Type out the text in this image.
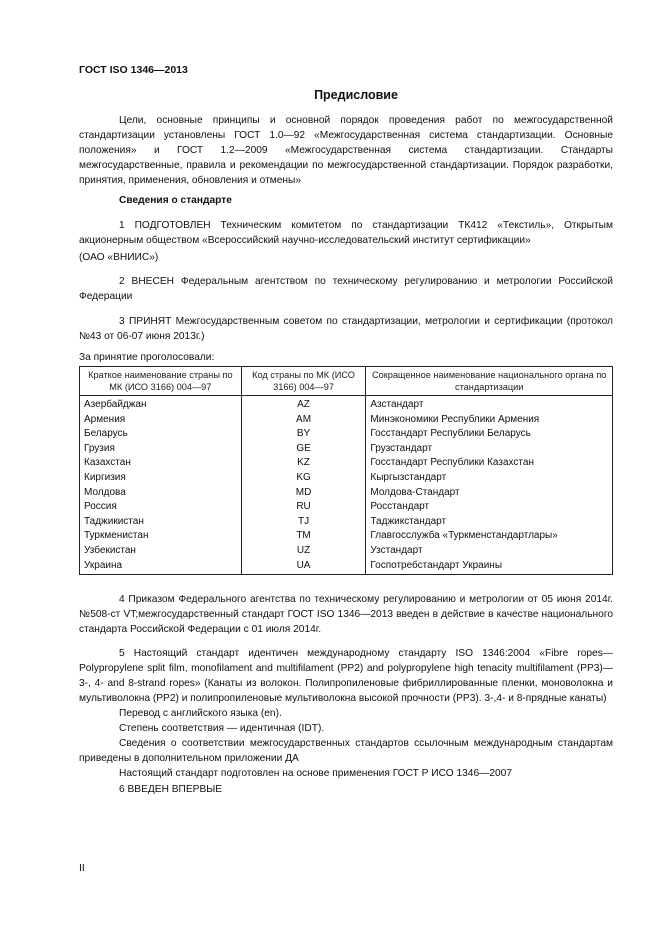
ГОСТ ISO 1346—2013
Предисловие
Цели, основные принципы и основной порядок проведения работ по межгосударственной стандартизации установлены ГОСТ 1.0—92 «Межгосударственная система стандартизации. Основные положения» и ГОСТ 1.2—2009 «Межгосударственная система стандартизации. Стандарты межгосударственные, правила и рекомендации по межгосударственной стандартизации. Порядок разработки, принятия, применения, обновления и отмены»
Сведения о стандарте

1 ПОДГОТОВЛЕН Техническим комитетом по стандартизации ТК412 «Текстиль», Открытым акционерным обществом «Всероссийский научно-исследовательский институт сертификации»

(ОАО «ВНИИС»)

2 ВНЕСЕН Федеральным агентством по техническому регулированию и метрологии Российской Федерации
3 ПРИНЯТ Межгосударственным советом по стандартизации, метрологии и сертификации (протокол №43 от 06-07 июня 2013г.)
За принятие проголосовали:
Краткое наименование страны по МК (ИСО 3166) 004—97	Код страны по МК (ИСО 3166) 004—97	Сокращенное наименование национального органа по стандартизации
Азербайджан	AZ	Азстандарт
Армения	AM	Минэкономики Республики Армения
Беларусь	BY	Госстандарт Республики Беларусь
Грузия	GE	Грузстандарт
Казахстан	KZ	Госстандарт Республики Казахстан
Киргизия	KG	Кыргызстандарт
Молдова	MD	Молдова-Стандарт
Россия	RU	Росстандарт
Таджикистан	TJ	Таджикстандарт
Туркменистан	TM	Главгосслужба «Туркменстандартлары»
Узбекистан	UZ	Узстандарт
Украина	UA	Госпотребстандарт Украины
4 Приказом Федерального агентства по техническому регулированию и метрологии от 05 июня 2014г. №508-ст VT;межгосударственный стандарт ГОСТ ISO 1346—2013 введен в действие в качестве национального стандарта Российской Федерации с 01 июля 2014г.

5 Настоящий стандарт идентичен международному стандарту ISO 1346:2004 «Fibre ropes— Polypropylene split film, monofilament and multifilament (PP2) and polypropylene high tenacity multifilament (PP3)—3-, 4- and 8-strand ropes» (Канаты из волокон. Полипропиленовые фибриллированные пленки, моноволокна и мультиволокна (PP2) и полипропиленовые мультиволокна высокой прочности (PP3). 3-,4- и 8-прядные канаты)

Перевод с английского языка (en).

Степень соответствия — идентичная (IDT).

Сведения о соответствии межгосударственных стандартов ссылочным международным стандартам приведены в дополнительном приложении ДА

Настоящий стандарт подготовлен на основе применения ГОСТ Р ИСО 1346—2007

6 ВВЕДЕН ВПЕРВЫЕ
II
